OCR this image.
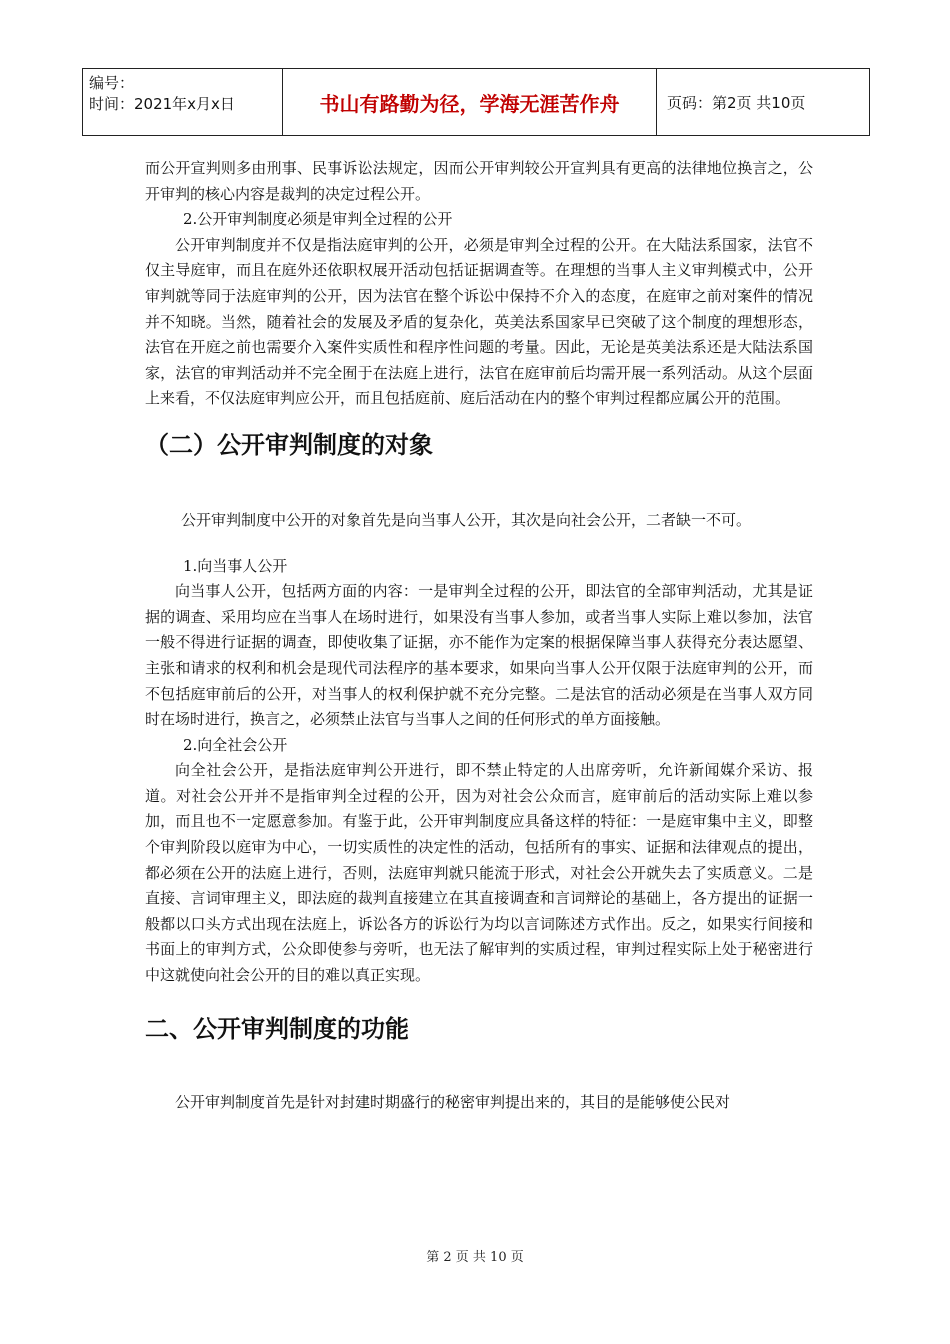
编号：
时间：2021年x月x日	书山有路勤为径，学海无涯苦作舟	页码：第2页 共10页

而公开宣判则多由刑事、民事诉讼法规定，因而公开审判较公开宣判具有更高的法律地位换言之，公开审判的核心内容是裁判的决定过程公开。

2.公开审判制度必须是审判全过程的公开

公开审判制度并不仅是指法庭审判的公开，必须是审判全过程的公开。在大陆法系国家，法官不仅主导庭审，而且在庭外还依职权展开活动包括证据调查等。在理想的当事人主义审判模式中，公开审判就等同于法庭审判的公开，因为法官在整个诉讼中保持不介入的态度，在庭审之前对案件的情况并不知晓。当然，随着社会的发展及矛盾的复杂化，英美法系国家早已突破了这个制度的理想形态，法官在开庭之前也需要介入案件实质性和程序性问题的考量。因此，无论是英美法系还是大陆法系国家，法官的审判活动并不完全囿于在法庭上进行，法官在庭审前后均需开展一系列活动。从这个层面上来看，不仅法庭审判应公开，而且包括庭前、庭后活动在内的整个审判过程都应属公开的范围。

（二）公开审判制度的对象

公开审判制度中公开的对象首先是向当事人公开，其次是向社会公开，二者缺一不可。

1.向当事人公开

向当事人公开，包括两方面的内容：一是审判全过程的公开，即法官的全部审判活动，尤其是证据的调查、采用均应在当事人在场时进行，如果没有当事人参加，或者当事人实际上难以参加，法官一般不得进行证据的调查，即使收集了证据，亦不能作为定案的根据保障当事人获得充分表达愿望、主张和请求的权利和机会是现代司法程序的基本要求，如果向当事人公开仅限于法庭审判的公开，而不包括庭审前后的公开，对当事人的权利保护就不充分完整。二是法官的活动必须是在当事人双方同时在场时进行，换言之，必须禁止法官与当事人之间的任何形式的单方面接触。

2.向全社会公开

向全社会公开，是指法庭审判公开进行，即不禁止特定的人出席旁听，允许新闻媒介采访、报道。对社会公开并不是指审判全过程的公开，因为对社会公众而言，庭审前后的活动实际上难以参加，而且也不一定愿意参加。有鉴于此，公开审判制度应具备这样的特征：一是庭审集中主义，即整个审判阶段以庭审为中心，一切实质性的决定性的活动，包括所有的事实、证据和法律观点的提出，都必须在公开的法庭上进行，否则，法庭审判就只能流于形式，对社会公开就失去了实质意义。二是直接、言词审理主义，即法庭的裁判直接建立在其直接调查和言词辩论的基础上，各方提出的证据一般都以口头方式出现在法庭上，诉讼各方的诉讼行为均以言词陈述方式作出。反之，如果实行间接和书面上的审判方式，公众即使参与旁听，也无法了解审判的实质过程，审判过程实际上处于秘密进行中这就使向社会公开的目的难以真正实现。

二、公开审判制度的功能

公开审判制度首先是针对封建时期盛行的秘密审判提出来的，其目的是能够使公民对

第 2 页 共 10 页
